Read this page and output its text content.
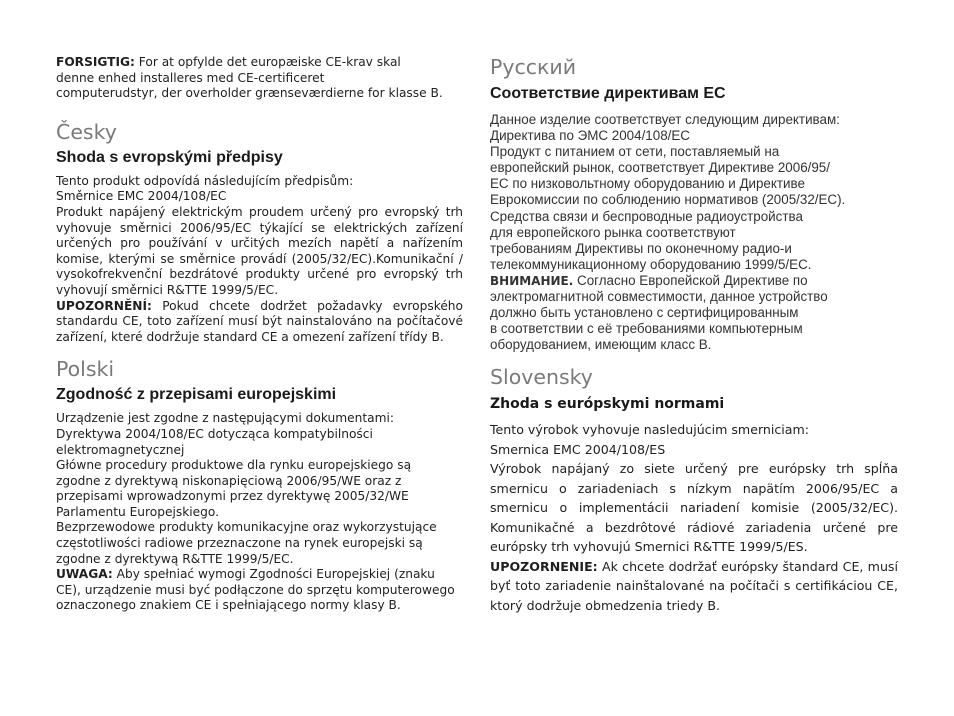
FORSIGTIG: For at opfylde det europæiske CE-krav skal

denne enhed installeres med CE-certificeret

computerudstyr, der overholder grænseværdierne for klasse B.

Česky
Shoda s evropskými předpisy

Tento produkt odpovídá následujícím předpisům:

Směrnice EMC 2004/108/EC

Produkt napájený elektrickým proudem určený pro evropský trh vyhovuje směrnici 2006/95/EC týkající se elektrických zařízení určených pro používání v určitých mezích napětí a nařízením komise, kterými se směrnice provádí (2005/32/EC).Komunikační / vysokofrekvenční bezdrátové produkty určené pro evropský trh vyhovují směrnici R&TTE 1999/5/EC.

UPOZORNĚNÍ: Pokud chcete dodržet požadavky evropského standardu CE, toto zařízení musí být nainstalováno na počítačové zařízení, které dodržuje standard CE a omezení zařízení třídy B.

Polski
Zgodność z przepisami europejskimi

Urządzenie jest zgodne z następującymi dokumentami:

Dyrektywa 2004/108/EC dotycząca kompatybilności

elektromagnetycznej

Główne procedury produktowe dla rynku europejskiego są

zgodne z dyrektywą niskonapięciową 2006/95/WE oraz z

przepisami wprowadzonymi przez dyrektywę 2005/32/WE

Parlamentu Europejskiego.

Bezprzewodowe produkty komunikacyjne oraz wykorzystujące

częstotliwości radiowe przeznaczone na rynek europejski są

zgodne z dyrektywą R&TTE 1999/5/EC.

UWAGA: Aby spełniać wymogi Zgodności Europejskiej (znaku

CE), urządzenie musi być podłączone do sprzętu komputerowego

oznaczonego znakiem CE i spełniającego normy klasy B.

Русский
Соответствие директивам ЕС

Данное изделие соответствует следующим директивам:

Директива по ЭМС 2004/108/ЕС

Продукт с питанием от сети, поставляемый на

европейский рынок, соответствует Директиве 2006/95/

ЕС по низковольтному оборудованию и Директиве

Еврокомиссии по соблюдению нормативов (2005/32/EC).

Средства связи и беспроводные радиоустройства

для европейского рынка соответствуют

требованиям Директивы по оконечному радио-и

телекоммуникационному оборудованию 1999/5/ЕС.

ВНИМАНИЕ. Согласно Европейской Директиве по

электромагнитной совместимости, данное устройство

должно быть установлено с сертифицированным

в соответствии с её требованиями компьютерным

оборудованием, имеющим класс B.

Slovensky
Zhoda s európskymi normami

Tento výrobok vyhovuje nasledujúcim smerniciam:

Smernica EMC 2004/108/ES

Výrobok napájaný zo siete určený pre európsky trh spĺňa smernicu o zariadeniach s nízkym napätím 2006/95/EC a smernicu o implementácii nariadení komisie (2005/32/EC). Komunikačné a bezdrôtové rádiové zariadenia určené pre európsky trh vyhovujú Smernici R&TTE 1999/5/ES.

UPOZORNENIE: Ak chcete dodržať európsky štandard CE, musí byť toto zariadenie nainštalované na počítači s certifikáciou CE, ktorý dodržuje obmedzenia triedy B.
